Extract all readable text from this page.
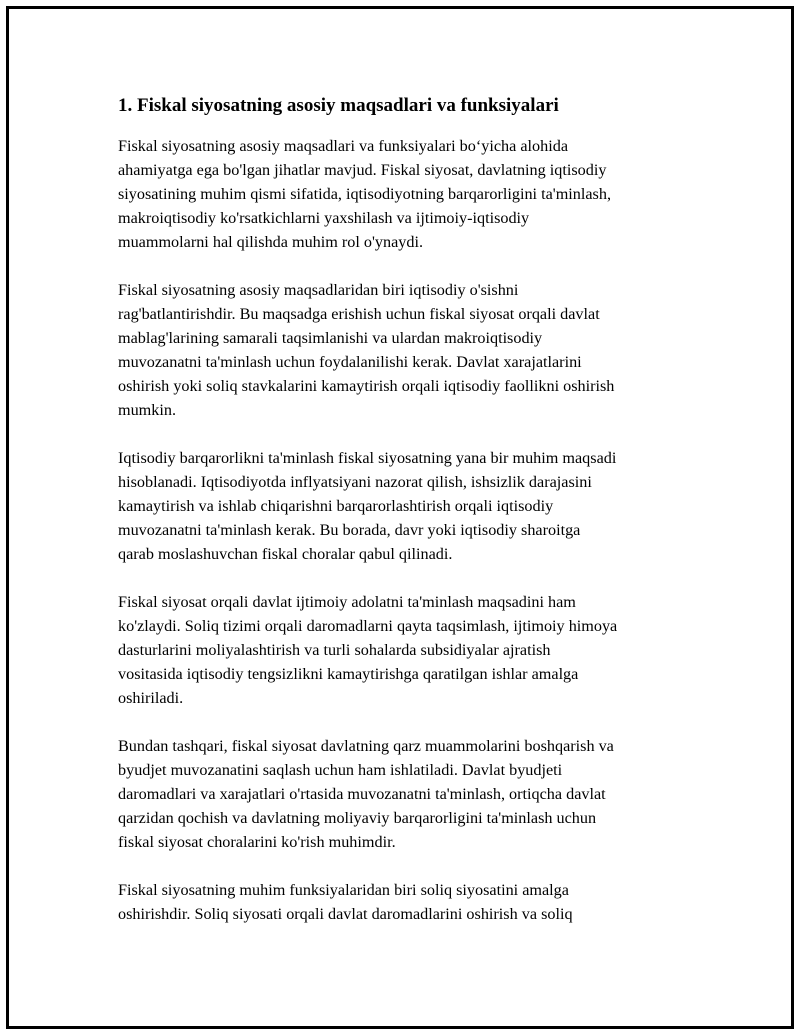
1. Fiskal siyosatning asosiy maqsadlari va funksiyalari

Fiskal siyosatning asosiy maqsadlari va funksiyalari bo‘yicha alohida
ahamiyatga ega bo'lgan jihatlar mavjud. Fiskal siyosat, davlatning iqtisodiy
siyosatining muhim qismi sifatida, iqtisodiyotning barqarorligini ta'minlash,
makroiqtisodiy ko'rsatkichlarni yaxshilash va ijtimoiy-iqtisodiy
muammolarni hal qilishda muhim rol o'ynaydi.

Fiskal siyosatning asosiy maqsadlaridan biri iqtisodiy o'sishni
rag'batlantirishdir. Bu maqsadga erishish uchun fiskal siyosat orqali davlat
mablag'larining samarali taqsimlanishi va ulardan makroiqtisodiy
muvozanatni ta'minlash uchun foydalanilishi kerak. Davlat xarajatlarini
oshirish yoki soliq stavkalarini kamaytirish orqali iqtisodiy faollikni oshirish
mumkin.

Iqtisodiy barqarorlikni ta'minlash fiskal siyosatning yana bir muhim maqsadi
hisoblanadi. Iqtisodiyotda inflyatsiyani nazorat qilish, ishsizlik darajasini
kamaytirish va ishlab chiqarishni barqarorlashtirish orqali iqtisodiy
muvozanatni ta'minlash kerak. Bu borada, davr yoki iqtisodiy sharoitga
qarab moslashuvchan fiskal choralar qabul qilinadi.

Fiskal siyosat orqali davlat ijtimoiy adolatni ta'minlash maqsadini ham
ko'zlaydi. Soliq tizimi orqali daromadlarni qayta taqsimlash, ijtimoiy himoya
dasturlarini moliyalashtirish va turli sohalarda subsidiyalar ajratish
vositasida iqtisodiy tengsizlikni kamaytirishga qaratilgan ishlar amalga
oshiriladi.

Bundan tashqari, fiskal siyosat davlatning qarz muammolarini boshqarish va
byudjet muvozanatini saqlash uchun ham ishlatiladi. Davlat byudjeti
daromadlari va xarajatlari o'rtasida muvozanatni ta'minlash, ortiqcha davlat
qarzidan qochish va davlatning moliyaviy barqarorligini ta'minlash uchun
fiskal siyosat choralarini ko'rish muhimdir.

Fiskal siyosatning muhim funksiyalaridan biri soliq siyosatini amalga
oshirishdir. Soliq siyosati orqali davlat daromadlarini oshirish va soliq
